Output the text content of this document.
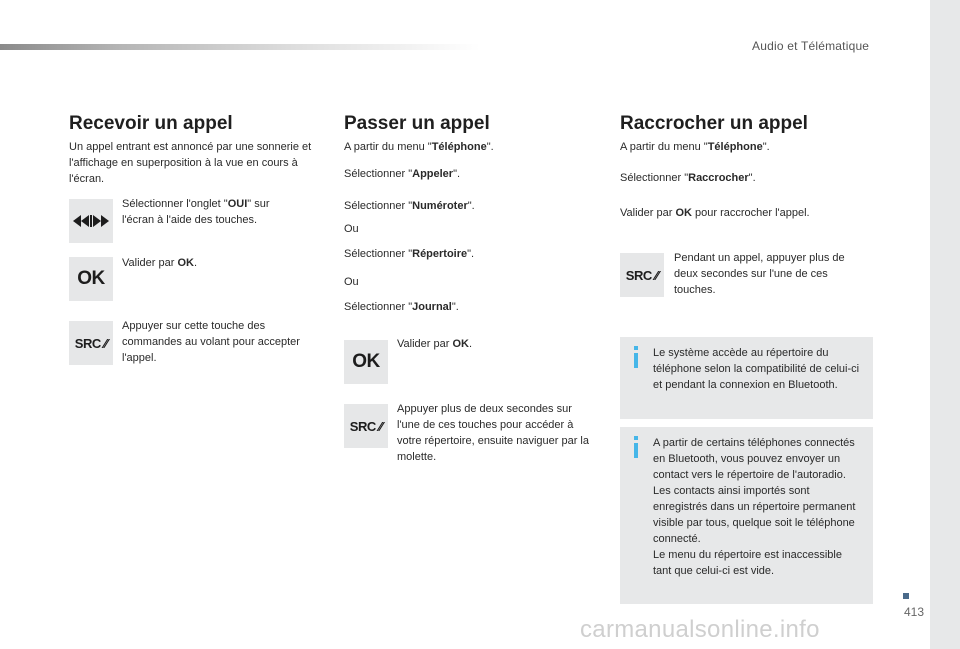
Audio et Télématique
413
carmanualsonline.info
Recevoir un appel
Un appel entrant est annoncé par une sonnerie et l'affichage en superposition à la vue en cours à l'écran.
Sélectionner l'onglet "OUI" sur l'écran à l'aide des touches.
OK
Valider par OK.
SRC ⁄⁄
Appuyer sur cette touche des commandes au volant pour accepter l'appel.
Passer un appel
A partir du menu "Téléphone".
Sélectionner "Appeler".
Sélectionner "Numéroter".
Ou
Sélectionner "Répertoire".
Ou
Sélectionner "Journal".
OK
Valider par OK.
SRC ⁄⁄
Appuyer plus de deux secondes sur l'une de ces touches pour accéder à votre répertoire, ensuite naviguer par la molette.
Raccrocher un appel
A partir du menu "Téléphone".
Sélectionner "Raccrocher".
Valider par OK pour raccrocher l'appel.
SRC ⁄⁄
Pendant un appel, appuyer plus de deux secondes sur l'une de ces touches.
Le système accède au répertoire du téléphone selon la compatibilité de celui-ci et pendant la connexion en Bluetooth.
A partir de certains téléphones connectés en Bluetooth, vous pouvez envoyer un contact vers le répertoire de l'autoradio.
Les contacts ainsi importés sont enregistrés dans un répertoire permanent visible par tous, quelque soit le téléphone connecté.
Le menu du répertoire est inaccessible tant que celui-ci est vide.
